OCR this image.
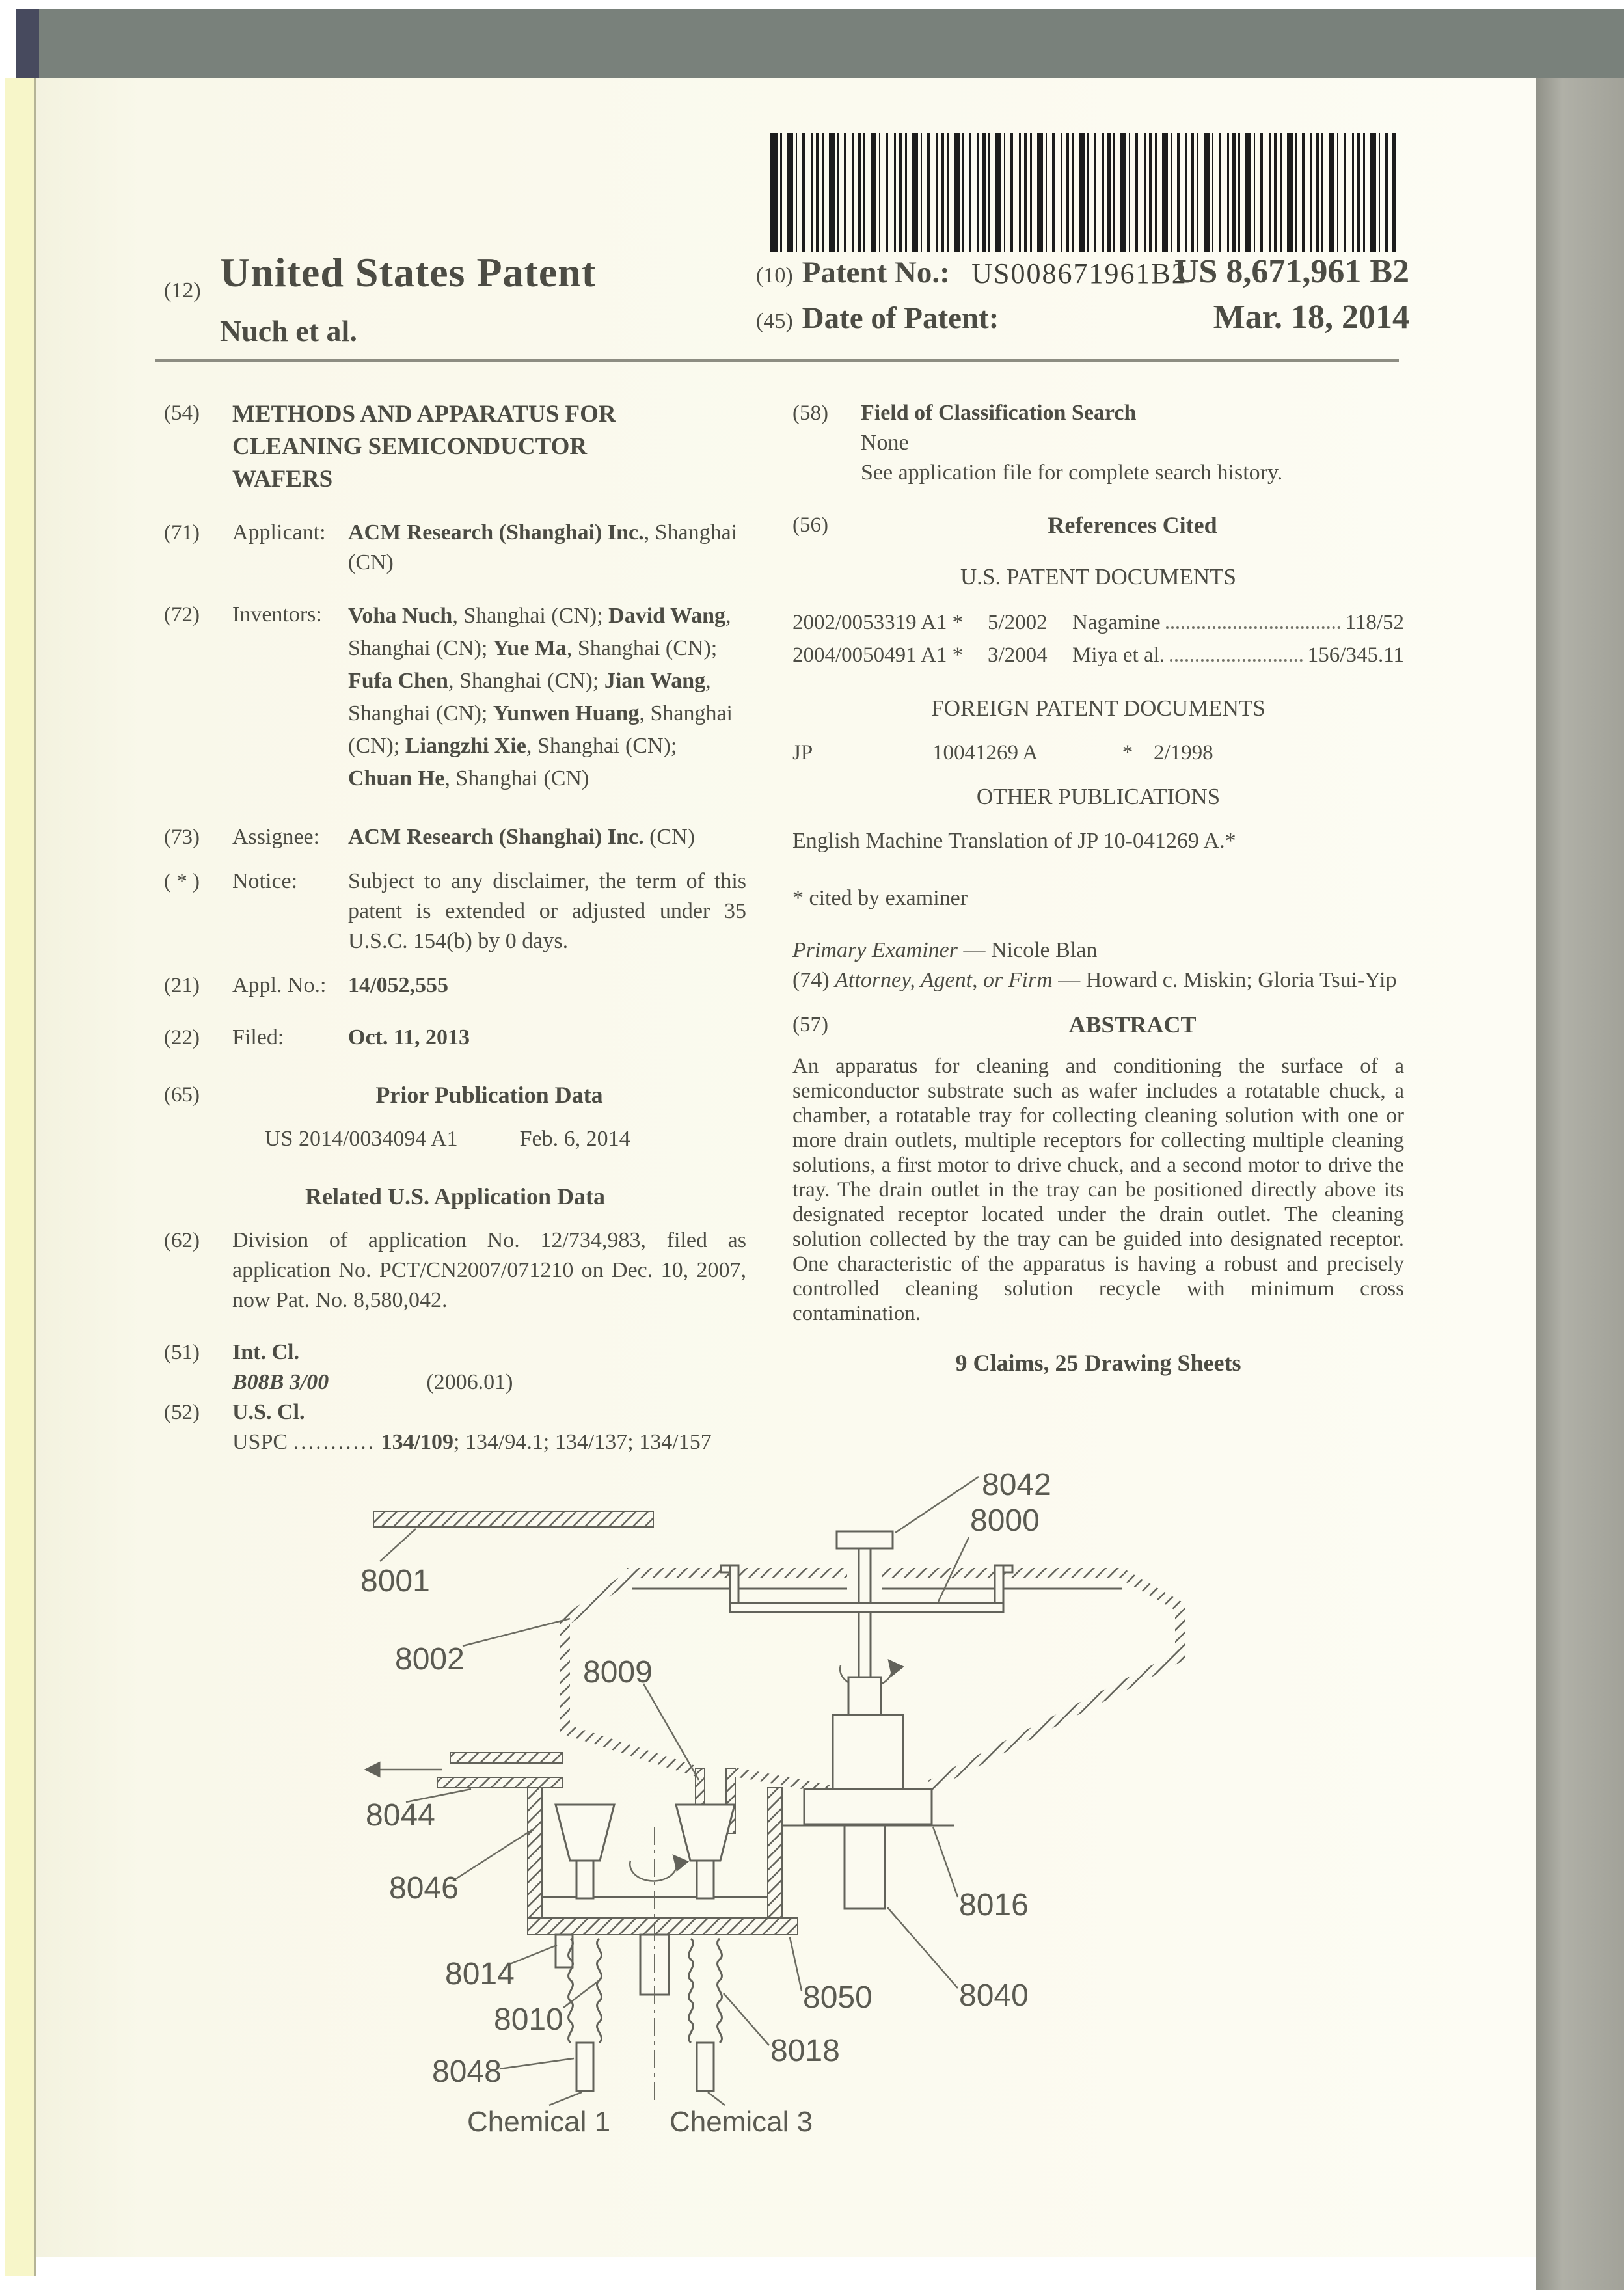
US008671961B2
(12) United States Patent
Nuch et al.
(10) Patent No.:	US 8,671,961 B2
(45) Date of Patent:	Mar. 18, 2014
(54)	METHODS AND APPARATUS FOR CLEANING SEMICONDUCTOR WAFERS
(71)	Applicant:	ACM Research (Shanghai) Inc., Shanghai (CN)
(72)	Inventors:	Voha Nuch, Shanghai (CN); David Wang, Shanghai (CN); Yue Ma, Shanghai (CN); Fufa Chen, Shanghai (CN); Jian Wang, Shanghai (CN); Yunwen Huang, Shanghai (CN); Liangzhi Xie, Shanghai (CN); Chuan He, Shanghai (CN)
(73)	Assignee:	ACM Research (Shanghai) Inc. (CN)
( * )	Notice:	Subject to any disclaimer, the term of this patent is extended or adjusted under 35 U.S.C. 154(b) by 0 days.
(21)	Appl. No.: 14/052,555
(22)	Filed:	Oct. 11, 2013
(65)	Prior Publication Data
US 2014/0034094 A1	Feb. 6, 2014
Related U.S. Application Data
(62)	Division of application No. 12/734,983, filed as application No. PCT/CN2007/071210 on Dec. 10, 2007, now Pat. No. 8,580,042.
(51)	Int. Cl.
B08B 3/00	(2006.01)
(52)	U.S. Cl.
USPC ........... 134/109; 134/94.1; 134/137; 134/157
(58)	Field of Classification Search
None
See application file for complete search history.
(56)	References Cited
U.S. PATENT DOCUMENTS
2002/0053319 A1 *	5/2002	Nagamine	118/52
2004/0050491 A1 *	3/2004	Miya et al.	156/345.11
FOREIGN PATENT DOCUMENTS
JP	10041269 A	* 2/1998
OTHER PUBLICATIONS
English Machine Translation of JP 10-041269 A.*
* cited by examiner
Primary Examiner — Nicole Blan
(74) Attorney, Agent, or Firm — Howard c. Miskin; Gloria Tsui-Yip
(57)	ABSTRACT
An apparatus for cleaning and conditioning the surface of a semiconductor substrate such as wafer includes a rotatable chuck, a chamber, a rotatable tray for collecting cleaning solution with one or more drain outlets, multiple receptors for collecting multiple cleaning solutions, a first motor to drive chuck, and a second motor to drive the tray. The drain outlet in the tray can be positioned directly above its designated receptor located under the drain outlet. The cleaning solution collected by the tray can be guided into designated receptor. One characteristic of the apparatus is having a robust and precisely controlled cleaning solution recycle with minimum cross contamination.
9 Claims, 25 Drawing Sheets
8042
8000
8001
8002	8009
8044
8046
8014
8010
8048
8050
8018
8016
8040
Chemical 1 Chemical 3
